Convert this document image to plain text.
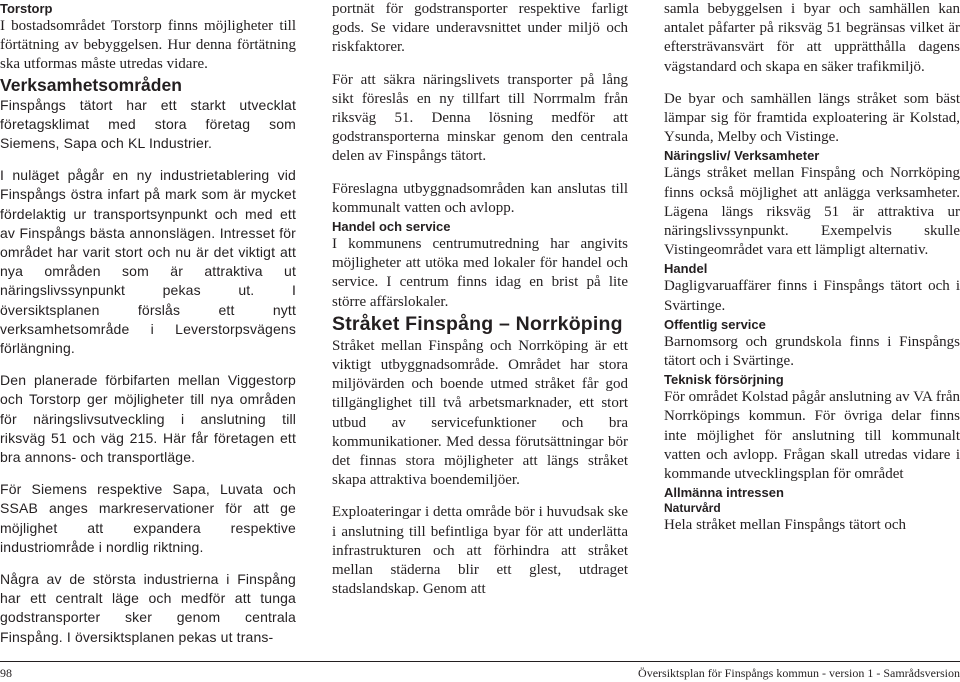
Torstorp

I bostadsområdet Torstorp finns möjligheter till förtätning av bebyggelsen. Hur denna förtätning ska utformas måste utredas vidare.

Verksamhetsområden

Finspångs tätort har ett starkt utvecklat företagsklimat med stora företag som Siemens, Sapa och KL Industrier.

I nuläget pågår en ny industrietablering vid Finspångs östra infart på mark som är mycket fördelaktig ur transportsynpunkt och med ett av Finspångs bästa annonslägen. Intresset för området har varit stort och nu är det viktigt att nya områden som är attraktiva ut näringslivssynpunkt pekas ut. I översiktsplanen förslås ett nytt verksamhetsområde i Leverstorpsvägens förlängning.

Den planerade förbifarten mellan Viggestorp och Torstorp ger möjligheter till nya områden för näringslivsutveckling i anslutning till riksväg 51 och väg 215. Här får företagen ett bra annons- och transportläge.

För Siemens respektive Sapa, Luvata och SSAB anges markreservationer för att ge möjlighet att expandera respektive industriområde i nordlig riktning.

Några av de största industrierna i Finspång har ett centralt läge och medför att tunga godstransporter sker genom centrala Finspång. I översiktsplanen pekas ut trans-

portnät för godstransporter respektive farligt gods. Se vidare underavsnittet under miljö och riskfaktorer.

För att säkra näringslivets transporter på lång sikt föreslås en ny tillfart till Norrmalm från riksväg 51. Denna lösning medför att godstransporterna minskar genom den centrala delen av Finspångs tätort.

Föreslagna utbyggnadsområden kan anslutas till kommunalt vatten och avlopp.

Handel och service

I kommunens centrumutredning har angivits möjligheter att utöka med lokaler för handel och service. I centrum finns idag en brist på lite större affärslokaler.

Stråket Finspång – Norrköping

Stråket mellan Finspång och Norrköping är ett viktigt utbyggnadsområde. Området har stora miljövärden och boende utmed stråket får god tillgänglighet till två arbetsmarknader, ett stort utbud av servicefunktioner och bra kommunikationer. Med dessa förutsättningar bör det finnas stora möjligheter att längs stråket skapa attraktiva boendemiljöer.

Exploateringar i detta område bör i huvudsak ske i anslutning till befintliga byar för att underlätta infrastrukturen och att förhindra att stråket mellan städerna blir ett glest, utdraget stadslandskap. Genom att

samla bebyggelsen i byar och samhällen kan antalet påfarter på riksväg 51 begränsas vilket är eftersträvansvärt för att upprätthålla dagens vägstandard och skapa en säker trafikmiljö.

De byar och samhällen längs stråket som bäst lämpar sig för framtida exploatering är Kolstad, Ysunda, Melby och Vistinge.

Näringsliv/ Verksamheter

Längs stråket mellan Finspång och Norrköping finns också möjlighet att anlägga verksamheter. Lägena längs riksväg 51 är attraktiva ur näringslivssynpunkt. Exempelvis skulle Vistingeområdet vara ett lämpligt alternativ.

Handel

Dagligvaruaffärer finns i Finspångs tätort och i Svärtinge.

Offentlig service

Barnomsorg och grundskola finns i Finspångs tätort och i Svärtinge.

Teknisk försörjning

För området Kolstad pågår anslutning av VA från Norrköpings kommun. För övriga delar finns inte möjlighet för anslutning till kommunalt vatten och avlopp. Frågan skall utredas vidare i kommande utvecklingsplan för området

Allmänna intressen
Naturvård

Hela stråket mellan Finspångs tätort och

98	Översiktsplan för Finspångs kommun - version 1 - Samrådsversion
